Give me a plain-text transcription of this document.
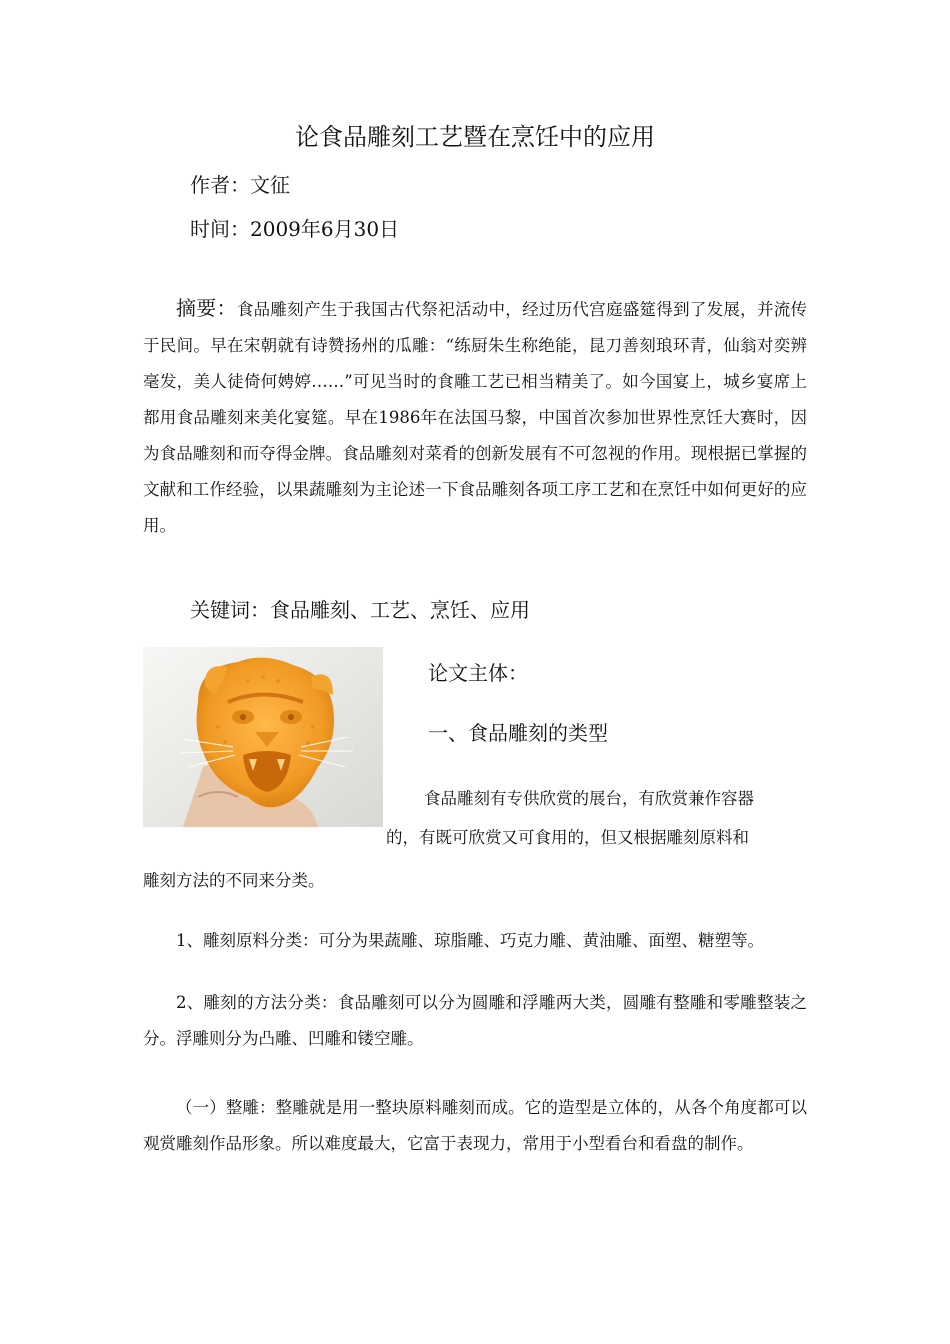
论食品雕刻工艺暨在烹饪中的应用
作者：文征
时间：2009年6月30日
摘要：食品雕刻产生于我国古代祭祀活动中，经过历代宫庭盛筵得到了发展，并流传于民间。早在宋朝就有诗赞扬州的瓜雕：“练厨朱生称绝能，昆刀善刻琅环青，仙翁对奕辨毫发，美人徒倚何娉婷……”可见当时的食雕工艺已相当精美了。如今国宴上，城乡宴席上都用食品雕刻来美化宴筵。早在1986年在法国马黎，中国首次参加世界性烹饪大赛时，因为食品雕刻和而夺得金牌。食品雕刻对菜肴的创新发展有不可忽视的作用。现根据已掌握的文献和工作经验，以果蔬雕刻为主论述一下食品雕刻各项工序工艺和在烹饪中如何更好的应用。
关键词：食品雕刻、工艺、烹饪、应用
论文主体：
一、食品雕刻的类型
食品雕刻有专供欣赏的展台，有欣赏兼作容器
的，有既可欣赏又可食用的，但又根据雕刻原料和
雕刻方法的不同来分类。
1、雕刻原料分类：可分为果蔬雕、琼脂雕、巧克力雕、黄油雕、面塑、糖塑等。
2、雕刻的方法分类：食品雕刻可以分为圆雕和浮雕两大类，圆雕有整雕和零雕整装之分。浮雕则分为凸雕、凹雕和镂空雕。
（一）整雕：整雕就是用一整块原料雕刻而成。它的造型是立体的，从各个角度都可以观赏雕刻作品形象。所以难度最大，它富于表现力，常用于小型看台和看盘的制作。
